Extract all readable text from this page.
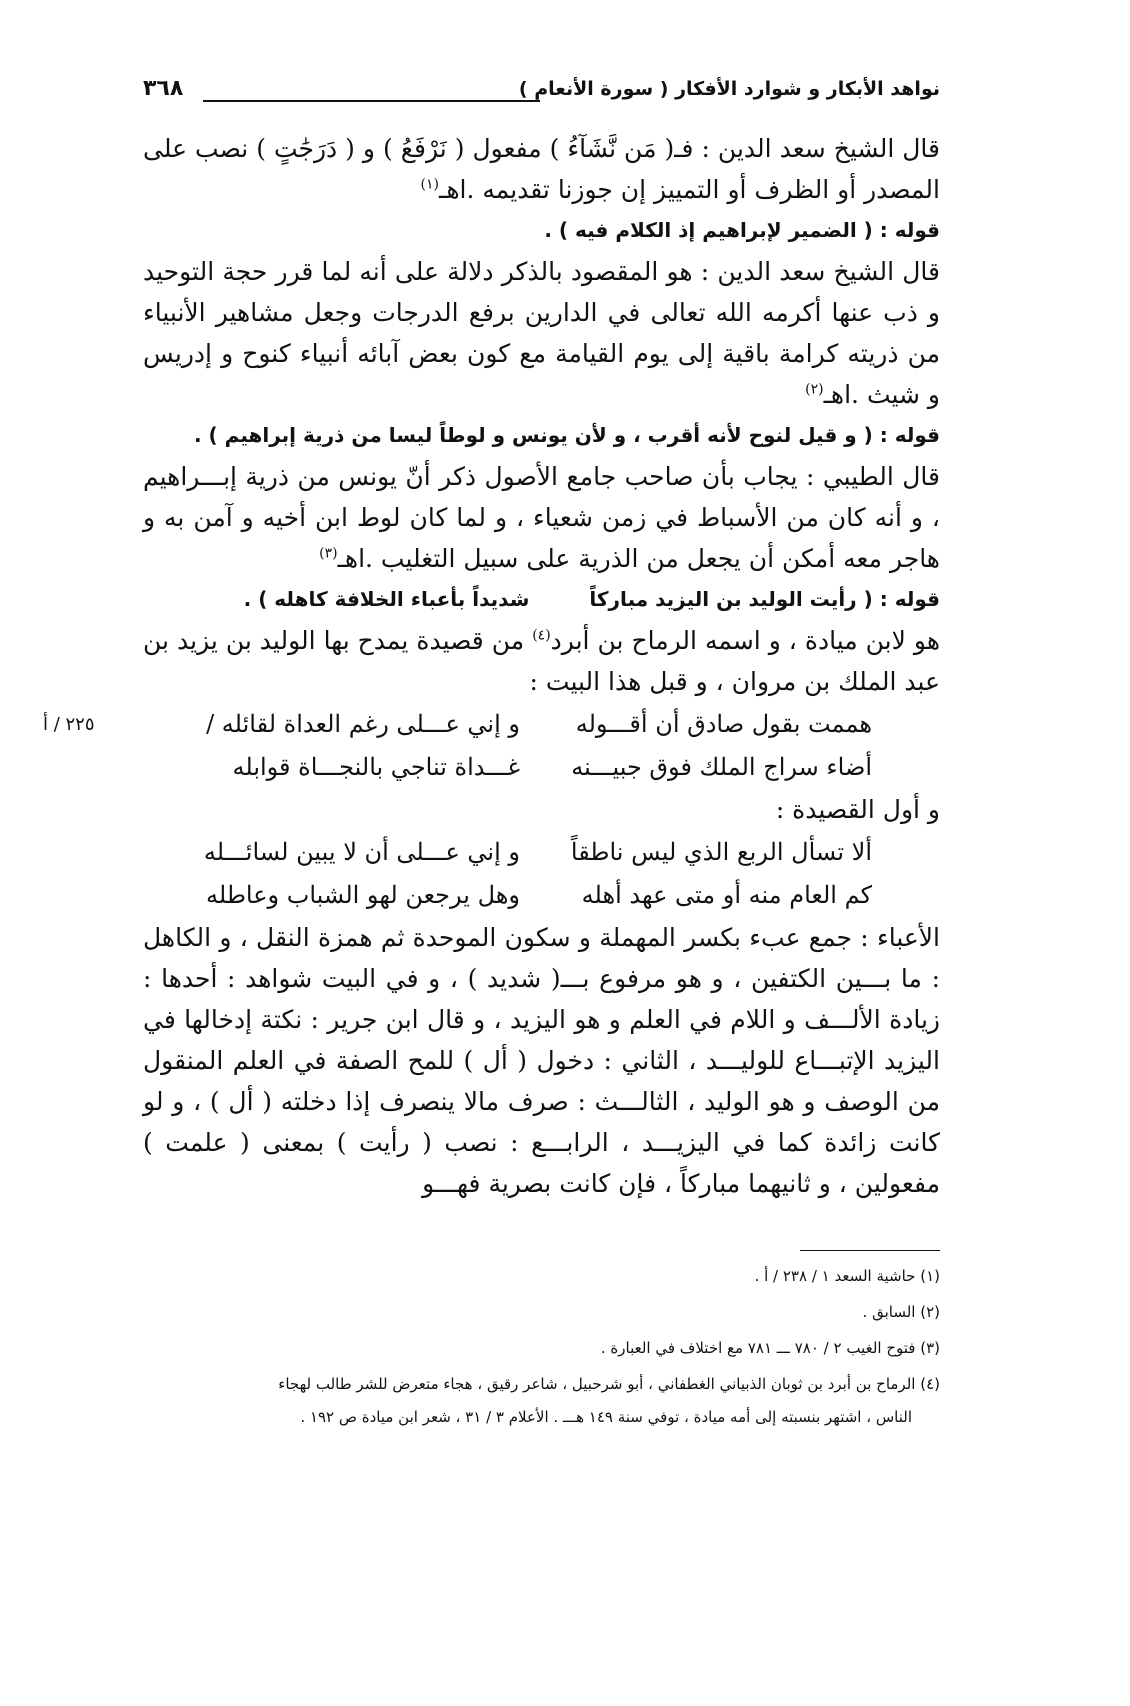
نواهد الأبكار و شوارد الأفكار ( سورة الأنعام )
٣٦٨

قال الشيخ سعد الدين : فـ( مَن نَّشَآءُ ) مفعول ( نَرْفَعُ ) و ( دَرَجَٰتٍ ) نصب على المصدر أو الظرف أو التمييز إن جوزنا تقديمه .اهـ$^{(١)}$

قوله : ( الضمير لإبراهيم إذ الكلام فيه ) .

قال الشيخ سعد الدين : هو المقصود بالذكر دلالة على أنه لما قرر حجة التوحيد و ذب عنها أكرمه الله تعالى في الدارين برفع الدرجات وجعل مشاهير الأنبياء من ذريته كرامة باقية إلى يوم القيامة مع كون بعض آبائه أنبياء كنوح و إدريس و شيث .اهـ$^{(٢)}$

قوله : ( و قيل لنوح لأنه أقرب ، و لأن يونس و لوطاً ليسا من ذرية إبراهيم ) .

قال الطيبي : يجاب بأن صاحب جامع الأصول ذكر أنّ يونس من ذرية إبـــراهيم ، و أنه كان من الأسباط في زمن شعياء ، و لما كان لوط ابن أخيه و آمن به و هاجر معه أمكن أن يجعل من الذرية على سبيل التغليب .اهـ$^{(٣)}$

قوله : ( رأيت الوليد بن اليزيد مباركاًشديداً بأعباء الخلافة كاهله ) .

هو لابن ميادة ، و اسمه الرماح بن أبرد$^{(٤)}$ من قصيدة يمدح بها الوليد بن يزيد بن عبد الملك بن مروان ، و قبل هذا البيت :

هممت بقول صادق أن أقـــوله
و إني عـــلى رغم العداة لقائله /
٢٢٥ / أ
أضاء سراج الملك فوق جبيـــنه
غـــداة تناجي بالنجـــاة قوابله

و أول القصيدة :

ألا تسأل الربع الذي ليس ناطقاً
و إني عـــلى أن لا يبين لسائـــله
كم العام منه أو متى عهد أهله
وهل يرجعن لهو الشباب وعاطله

الأعباء : جمع عبء بكسر المهملة و سكون الموحدة ثم همزة النقل ، و الكاهل : ما بـــين الكتفين ، و هو مرفوع بـــ( شديد ) ، و في البيت شواهد : أحدها : زيادة الألـــف و اللام في العلم و هو اليزيد ، و قال ابن جرير : نكتة إدخالها في اليزيد الإتبـــاع للوليـــد ، الثاني : دخول ( أل ) للمح الصفة في العلم المنقول من الوصف و هو الوليد ، الثالـــث : صرف مالا ينصرف إذا دخلته ( أل ) ، و لو كانت زائدة كما في اليزيـــد ، الرابـــع : نصب ( رأيت ) بمعنى ( علمت ) مفعولين ، و ثانيهما مباركاً ، فإن كانت بصرية فهـــو

(١) حاشية السعد ١ / ٢٣٨ / أ .
(٢) السابق .
(٣) فتوح الغيب ٢ / ٧٨٠ ـــ ٧٨١ مع اختلاف في العبارة .
(٤) الرماح بن أبرد بن ثوبان الذبياني الغطفاني ، أبو شرحبيل ، شاعر رقيق ، هجاء متعرض للشر طالب لهجاء
الناس ، اشتهر بنسبته إلى أمه ميادة ، توفي سنة ١٤٩ هـــ . الأعلام ٣ / ٣١ ، شعر ابن ميادة ص ١٩٢ .
